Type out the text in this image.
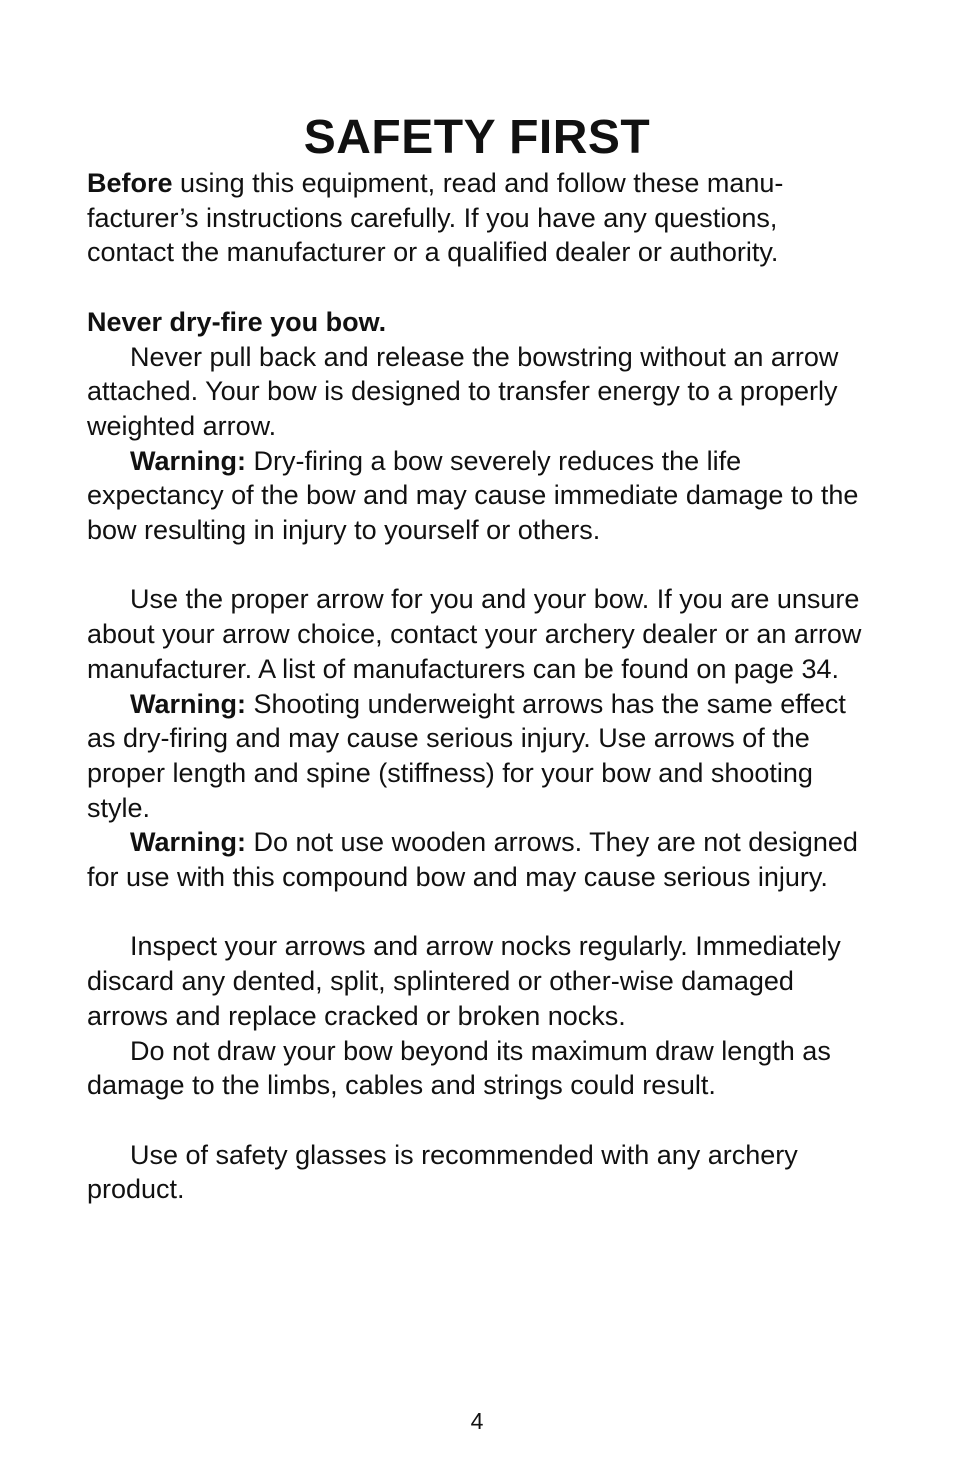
SAFETY FIRST

Before using this equipment, read and follow these manu-facturer’s instructions carefully. If you have any questions, contact the manufacturer or a qualified dealer or authority.

Never dry-fire you bow.

Never pull back and release the bowstring without an arrow attached. Your bow is designed to transfer energy to a properly weighted arrow.

Warning: Dry-firing a bow severely reduces the life expectancy of the bow and may cause immediate damage to the bow resulting in injury to yourself or others.

Use the proper arrow for you and your bow. If you are unsure about your arrow choice, contact your archery dealer or an arrow manufacturer. A list of manufacturers can be found on page 34.

Warning: Shooting underweight arrows has the same effect as dry-firing and may cause serious injury. Use arrows of the proper length and spine (stiffness) for your bow and shooting style.

Warning: Do not use wooden arrows. They are not designed for use with this compound bow and may cause serious injury.

Inspect your arrows and arrow nocks regularly. Immediately discard any dented, split, splintered or other-wise damaged arrows and replace cracked or broken nocks.

Do not draw your bow beyond its maximum draw length as damage to the limbs, cables and strings could result.

Use of safety glasses is recommended with any archery product.

4
